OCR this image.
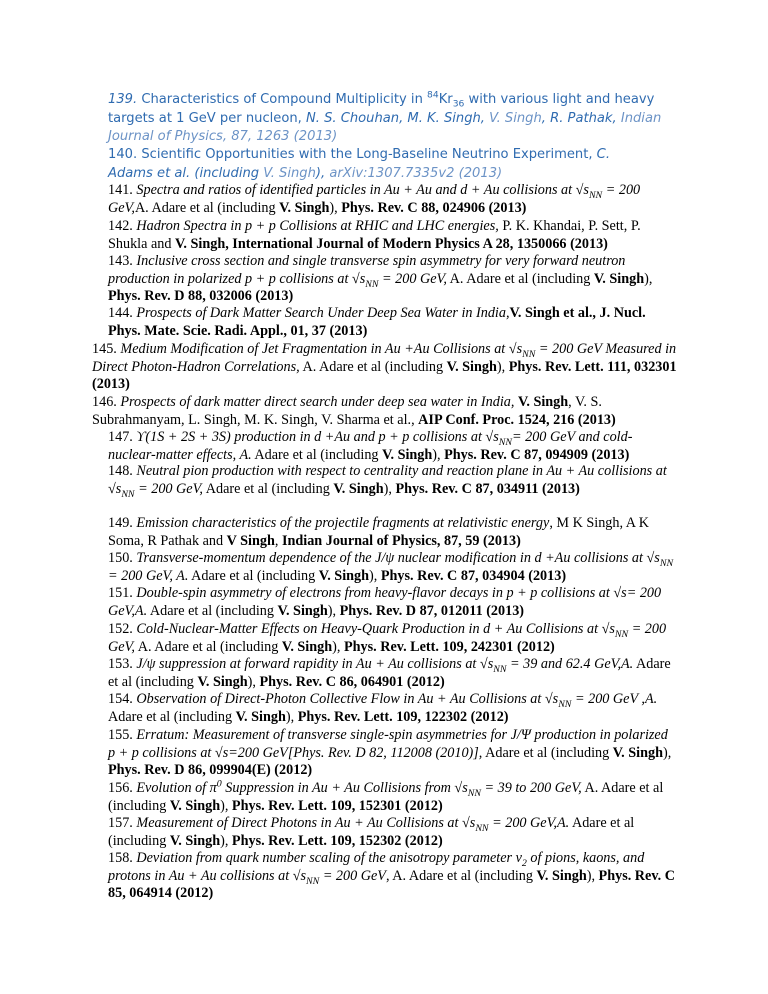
139. Characteristics of Compound Multiplicity in $^{84}Kr_{36}$ with various light and heavy targets at 1 GeV per nucleon, N. S. Chouhan, M. K. Singh, V. Singh, R. Pathak, Indian Journal of Physics, 87, 1263 (2013)
140. Scientific Opportunities with the Long-Baseline Neutrino Experiment, C. Adams et al. (including V. Singh), arXiv:1307.7335v2 (2013)
141. Spectra and ratios of identified particles in Au + Au and d + Au collisions at $√s_{NN} = 200$ GeV,A. Adare et al (including V. Singh), Phys. Rev. C 88, 024906 (2013)
142. Hadron Spectra in p + p Collisions at RHIC and LHC energies, P. K. Khandai, P. Sett, P. Shukla and V. Singh, International Journal of Modern Physics A 28, 1350066 (2013)
143. Inclusive cross section and single transverse spin asymmetry for very forward neutron production in polarized p + p collisions at $√s_{NN} = 200$ GeV, A. Adare et al (including V. Singh), Phys. Rev. D 88, 032006 (2013)
144. Prospects of Dark Matter Search Under Deep Sea Water in India,V. Singh et al., J. Nucl. Phys. Mate. Scie. Radi. Appl., 01, 37 (2013)
145. Medium Modification of Jet Fragmentation in Au +Au Collisions at $√s_{NN} = 200$ GeV Measured in Direct Photon-Hadron Correlations, A. Adare et al (including V. Singh), Phys. Rev. Lett. 111, 032301 (2013)
146. Prospects of dark matter direct search under deep sea water in India, V. Singh, V. S. Subrahmanyam, L. Singh, M. K. Singh, V. Sharma et al., AIP Conf. Proc. 1524, 216 (2013)
147. ϒ(1S + 2S + 3S) production in d +Au and p + p collisions at $√s_{NN}= 200$ GeV and cold-nuclear-matter effects, A. Adare et al (including V. Singh), Phys. Rev. C 87, 094909 (2013)
148. Neutral pion production with respect to centrality and reaction plane in Au + Au collisions at $√s_{NN} = 200$ GeV, Adare et al (including V. Singh), Phys. Rev. C 87, 034911 (2013)
149. Emission characteristics of the projectile fragments at relativistic energy, M K Singh, A K Soma, R Pathak and V Singh, Indian Journal of Physics, 87, 59 (2013)
150. Transverse-momentum dependence of the J/ψ nuclear modification in d +Au collisions at $√s_{NN} = 200$ GeV, A. Adare et al (including V. Singh), Phys. Rev. C 87, 034904 (2013)
151. Double-spin asymmetry of electrons from heavy-flavor decays in p + p collisions at √s= 200 GeV,A. Adare et al (including V. Singh), Phys. Rev. D 87, 012011 (2013)
152. Cold-Nuclear-Matter Effects on Heavy-Quark Production in d + Au Collisions at $√s_{NN} = 200$ GeV, A. Adare et al (including V. Singh), Phys. Rev. Lett. 109, 242301 (2012)
153. J/ψ suppression at forward rapidity in Au + Au collisions at $√s_{NN} = 39$ and 62.4 GeV,A. Adare et al (including V. Singh), Phys. Rev. C 86, 064901 (2012)
154. Observation of Direct-Photon Collective Flow in Au + Au Collisions at $√s_{NN} = 200$ GeV ,A. Adare et al (including V. Singh), Phys. Rev. Lett. 109, 122302 (2012)
155. Erratum: Measurement of transverse single-spin asymmetries for J/Ψ production in polarized p + p collisions at √s=200 GeV[Phys. Rev. D 82, 112008 (2010)], Adare et al (including V. Singh), Phys. Rev. D 86, 099904(E) (2012)
156. Evolution of $\pi^0$ Suppression in Au + Au Collisions from $√s_{NN} = 39$ to 200 GeV, A. Adare et al (including V. Singh), Phys. Rev. Lett. 109, 152301 (2012)
157. Measurement of Direct Photons in Au + Au Collisions at $√s_{NN} = 200$ GeV,A. Adare et al (including V. Singh), Phys. Rev. Lett. 109, 152302 (2012)
158. Deviation from quark number scaling of the anisotropy parameter $v_2$ of pions, kaons, and protons in Au + Au collisions at $√s_{NN} = 200$ GeV, A. Adare et al (including V. Singh), Phys. Rev. C 85, 064914 (2012)
